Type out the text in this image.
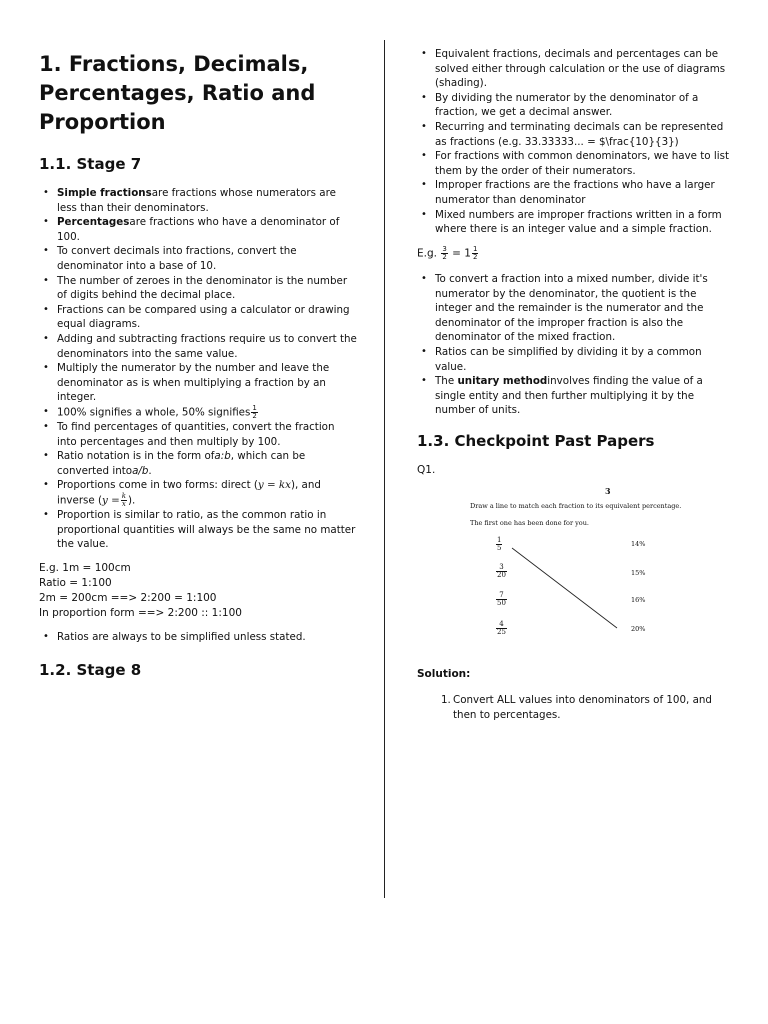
1. Fractions, Decimals, Percentages, Ratio and Proportion
1.1. Stage 7
• Simple fractionsare fractions whose numerators are less than their denominators.
• Percentagesare fractions who have a denominator of 100.
• To convert decimals into fractions, convert the denominator into a base of 10.
• The number of zeroes in the denominator is the number of digits behind the decimal place.
• Fractions can be compared using a calculator or drawing equal diagrams.
• Adding and subtracting fractions require us to convert the denominators into the same value.
• Multiply the numerator by the number and leave the denominator as is when multiplying a fraction by an integer.
• 100% signifies a whole, 50% signifies $\frac{1}{2}$
• To find percentages of quantities, convert the fraction into percentages and then multiply by 100.
• Ratio notation is in the form ofa:b, which can be converted intoa/b.
• Proportions come in two forms: direct (y = kx), and inverse ($y = \frac{k}{x}$ ).
• Proportion is similar to ratio, as the common ratio in proportional quantities will always be the same no matter the value.
E.g. 1m = 100cm
Ratio = 1:100
2m = 200cm ==> 2:200 = 1:100
In proportion form ==> 2:200 :: 1:100
• Ratios are always to be simplified unless stated.
1.2. Stage 8
• Equivalent fractions, decimals and percentages can be solved either through calculation or the use of diagrams (shading).
• By dividing the numerator by the denominator of a fraction, we get a decimal answer.
• Recurring and terminating decimals can be represented as fractions (e.g. 33.33333... = $\frac{10}{3})
• For fractions with common denominators, we have to list them by the order of their numerators.
• Improper fractions are the fractions who have a larger numerator than denominator
• Mixed numbers are improper fractions written in a form where there is an integer value and a simple fraction.
E.g. $\frac{3}{2} = 1 \frac{1}{2}$
• To convert a fraction into a mixed number, divide it's numerator by the denominator, the quotient is the integer and the remainder is the numerator and the denominator of the improper fraction is also the denominator of the mixed fraction.
• Ratios can be simplified by dividing it by a common value.
• The unitary methodinvolves finding the value of a single entity and then further multiplying it by the number of units.
1.3. Checkpoint Past Papers
Q1.
3
Draw a line to match each fraction to its equivalent percentage.
The first one has been done for you.
$\frac{1}{5}$
$\frac{3}{20}$
$\frac{7}{50}$
$\frac{4}{25}$
14%
15%
16%
20%
Solution:
1. Convert ALL values into denominators of 100, and then to percentages.
